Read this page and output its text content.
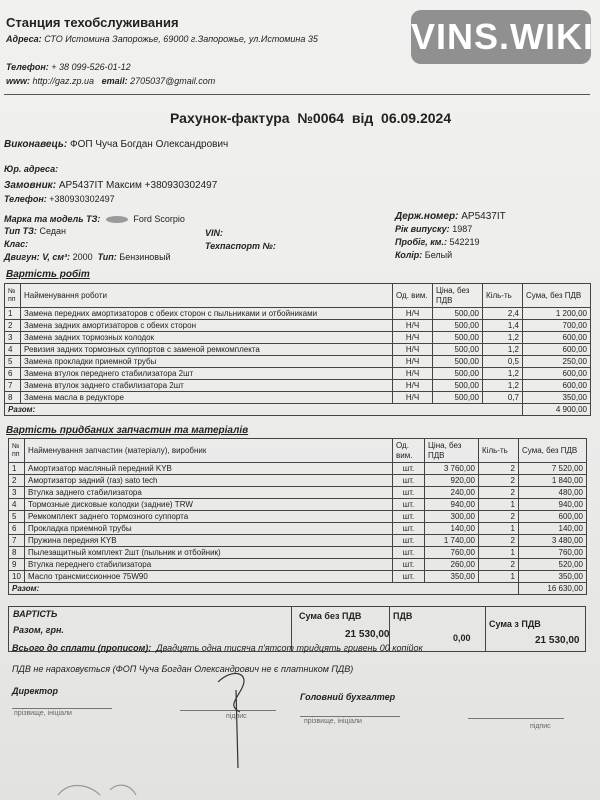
Станция техобслуживания
Адреса: СТО Истомина Запорожье, 69000 г.Запорожье, ул.Истомина 35
Телефон: + 38 099-526-01-12
www: http://gaz.zp.ua email: 2705037@gmail.com
VINS.WIKI
Рахунок-фактура №0064 від 06.09.2024
Виконавець: ФОП Чуча Богдан Олександрович
Юр. адреса:
Замовник: AP5437IT Максим +380930302497
Телефон: +380930302497
Марка та модель ТЗ:	Ford Scorpio
Тип ТЗ: Седан
Клас:
Двигун: V, см³: 2000 Тип: Бензиновый
VIN:
Техпаспорт №:
Держ.номер: AP5437IT
Рік випуску: 1987
Пробіг, км.: 542219
Колір: Белый
Вартість робіт
№ пп	Найменування роботи	Од. вим.	Ціна, без ПДВ	Кіль-ть	Сума, без ПДВ
1	Замена передних амортизаторов с обеих сторон с пыльниками и отбойниками	Н/Ч	500,00	2,4	1 200,00
2	Замена задних амортизаторов с обеих сторон	Н/Ч	500,00	1,4	700,00
3	Замена задних тормозных колодок	Н/Ч	500,00	1,2	600,00
4	Ревизия задних тормозных суппортов с заменой ремкомплекта	Н/Ч	500,00	1,2	600,00
5	Замена прокладки приемной трубы	Н/Ч	500,00	0,5	250,00
6	Замена втулок переднего стабилизатора 2шт	Н/Ч	500,00	1,2	600,00
7	Замена втулок заднего стабилизатора 2шт	Н/Ч	500,00	1,2	600,00
8	Замена масла в редукторе	Н/Ч	500,00	0,7	350,00
Разом:					4 900,00
Вартість придбаних запчастин та матеріалів
№ пп	Найменування запчастин (матеріалу), виробник	Од. вим.	Ціна, без ПДВ	Кіль-ть	Сума, без ПДВ
1	Амортизатор масляный передний KYB	шт.	3 760,00	2	7 520,00
2	Амортизатор задний (газ) sato tech	шт.	920,00	2	1 840,00
3	Втулка заднего стабилизатора	шт.	240,00	2	480,00
4	Тормозные дисковые колодки (задние) TRW	шт.	940,00	1	940,00
5	Ремкомплект заднего тормозного суппорта	шт.	300,00	2	600,00
6	Прокладка приемной трубы	шт.	140,00	1	140,00
7	Пружина передняя KYB	шт.	1 740,00	2	3 480,00
8	Пылезащитный комплект 2шт (пыльник и отбойник)	шт.	760,00	1	760,00
9	Втулка переднего стабилизатора	шт.	260,00	2	520,00
10	Масло трансмиссионное 75W90	шт.	350,00	1	350,00
Разом:					16 630,00
ВАРТІСТЬ
Разом, грн.
Сума без ПДВ
21 530,00
ПДВ
0,00
Сума з ПДВ
21 530,00
Всього до сплати (прописом): Двадцять одна тисяча п'ятсот тридцять гривень 00 копійок
ПДВ не нараховується (ФОП Чуча Богдан Олександрович не є платником ПДВ)
Директор
прізвище, ініціали	підпис
Головний бухгалтер
прізвище, ініціали
підпис
